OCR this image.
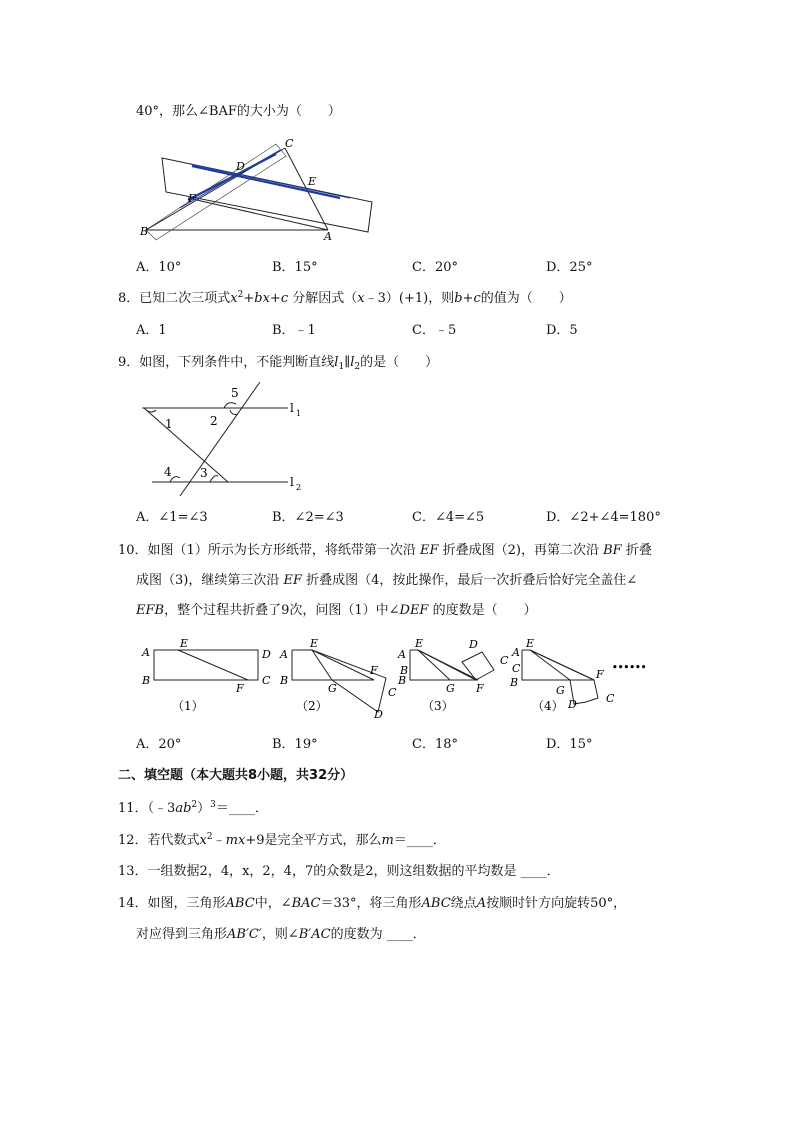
40°，那么∠BAF的大小为（　　）
C
D
E
F
B	A
A．10°	B．15°	C．20°	D．25°
8．已知二次三项式$x^2+bx+c$ 分解因式（x﹣3）(+1)，则b+c的值为（　　）
A．1	B．﹣1	C．﹣5	D．5
9．如图，下列条件中，不能判断直线$l_1\parallel l_2$的是（　　）
5
2
1
4 3
l 1
l 2
A．∠1=∠3	B．∠2=∠3	C．∠4=∠5	D．∠2+∠4=180°
10．如图（1）所示为长方形纸带，将纸带第一次沿 EF 折叠成图（2)，再第二次沿 BF 折叠
成图（3)，继续第三次沿 EF 折叠成图（4，按此操作，最后一次折叠后恰好完全盖住∠
EFB，整个过程共折叠了9次，问图（1）中∠DEF 的度数是（　　）
A
E
D
B
F
C
（1）
A
E
B
G
F
C
D
（2）
A
E	D
C
B
B
G F
（3）
A
E
C
B
G
F
D	C
（4）
••••••
A．20°	B．19°	C．18°	D．15°
二、填空题（本大题共8小题，共32分）
11．$(﹣3ab^2)^3=\_\_\_\_$．
12．若代数式$x^2﹣mx+9$是完全平方式，那么m＝____．
13．一组数据2，4，x，2，4，7的众数是2，则这组数据的平均数是 ____．
14．如图，三角形ABC中，∠BAC＝33°，将三角形ABC绕点A按顺时针方向旋转50°，
对应得到三角形AB′C′，则∠B′AC的度数为 ____．
